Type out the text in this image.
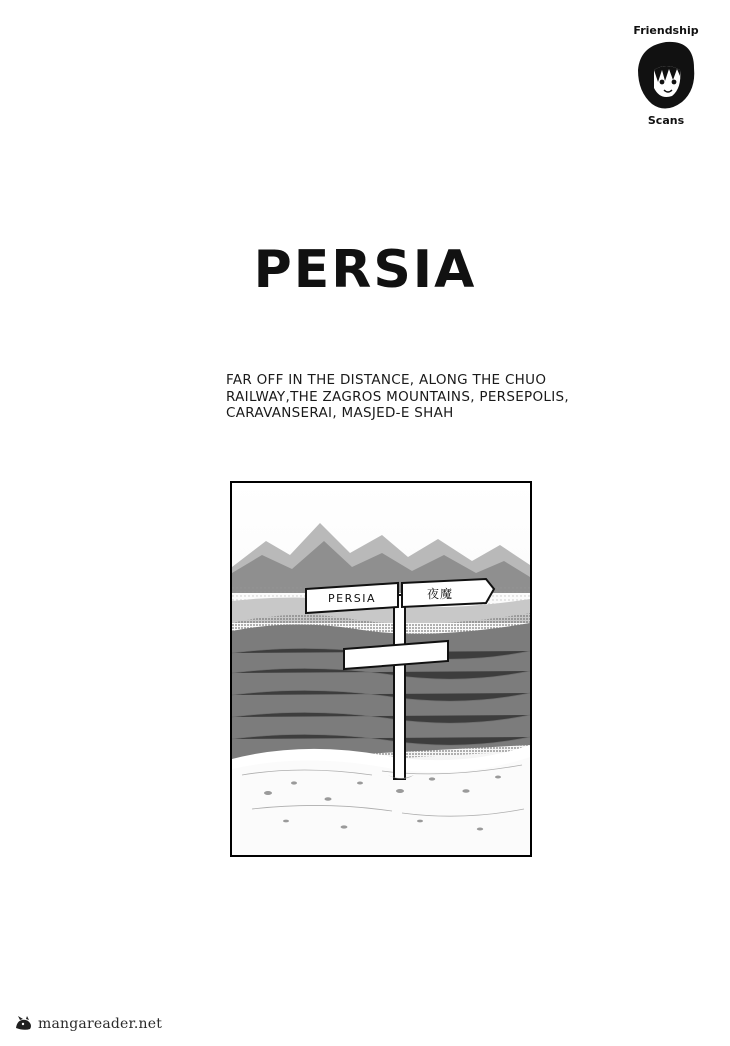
Friendship
Scans
PERSIA
FAR OFF IN THE DISTANCE, ALONG THE CHUO
RAILWAY,THE ZAGROS MOUNTAINS, PERSEPOLIS,
CARAVANSERAI, MASJED-E SHAH
PERSIA	夜魔
mangareader.net
